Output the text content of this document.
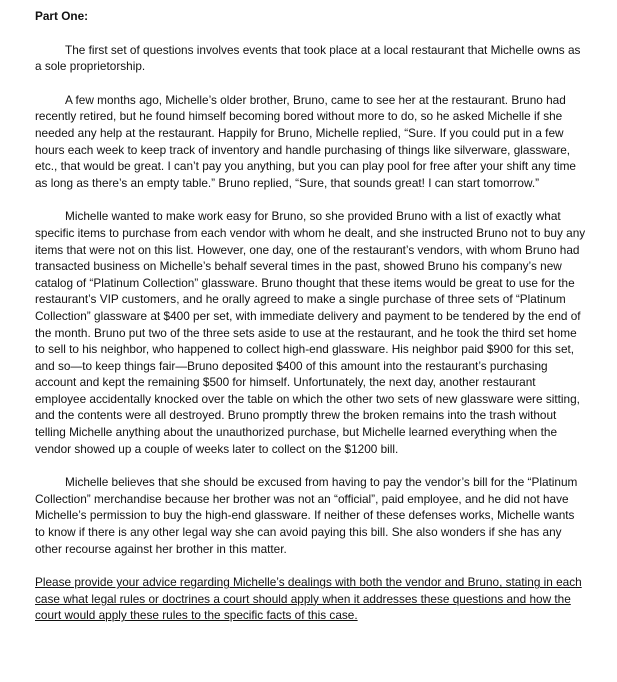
Part One:

The first set of questions involves events that took place at a local restaurant that Michelle owns as a sole proprietorship.

A few months ago, Michelle’s older brother, Bruno, came to see her at the restaurant. Bruno had recently retired, but he found himself becoming bored without more to do, so he asked Michelle if she needed any help at the restaurant. Happily for Bruno, Michelle replied, “Sure. If you could put in a few hours each week to keep track of inventory and handle purchasing of things like silverware, glassware, etc., that would be great. I can’t pay you anything, but you can play pool for free after your shift any time as long as there’s an empty table.” Bruno replied, “Sure, that sounds great! I can start tomorrow.”

Michelle wanted to make work easy for Bruno, so she provided Bruno with a list of exactly what specific items to purchase from each vendor with whom he dealt, and she instructed Bruno not to buy any items that were not on this list. However, one day, one of the restaurant’s vendors, with whom Bruno had transacted business on Michelle’s behalf several times in the past, showed Bruno his company’s new catalog of “Platinum Collection” glassware. Bruno thought that these items would be great to use for the restaurant’s VIP customers, and he orally agreed to make a single purchase of three sets of “Platinum Collection” glassware at $400 per set, with immediate delivery and payment to be tendered by the end of the month. Bruno put two of the three sets aside to use at the restaurant, and he took the third set home to sell to his neighbor, who happened to collect high-end glassware. His neighbor paid $900 for this set, and so—to keep things fair—Bruno deposited $400 of this amount into the restaurant’s purchasing account and kept the remaining $500 for himself. Unfortunately, the next day, another restaurant employee accidentally knocked over the table on which the other two sets of new glassware were sitting, and the contents were all destroyed. Bruno promptly threw the broken remains into the trash without telling Michelle anything about the unauthorized purchase, but Michelle learned everything when the vendor showed up a couple of weeks later to collect on the $1200 bill.

Michelle believes that she should be excused from having to pay the vendor’s bill for the “Platinum Collection” merchandise because her brother was not an “official”, paid employee, and he did not have Michelle’s permission to buy the high-end glassware. If neither of these defenses works, Michelle wants to know if there is any other legal way she can avoid paying this bill. She also wonders if she has any other recourse against her brother in this matter.

Please provide your advice regarding Michelle’s dealings with both the vendor and Bruno, stating in each case what legal rules or doctrines a court should apply when it addresses these questions and how the court would apply these rules to the specific facts of this case.
